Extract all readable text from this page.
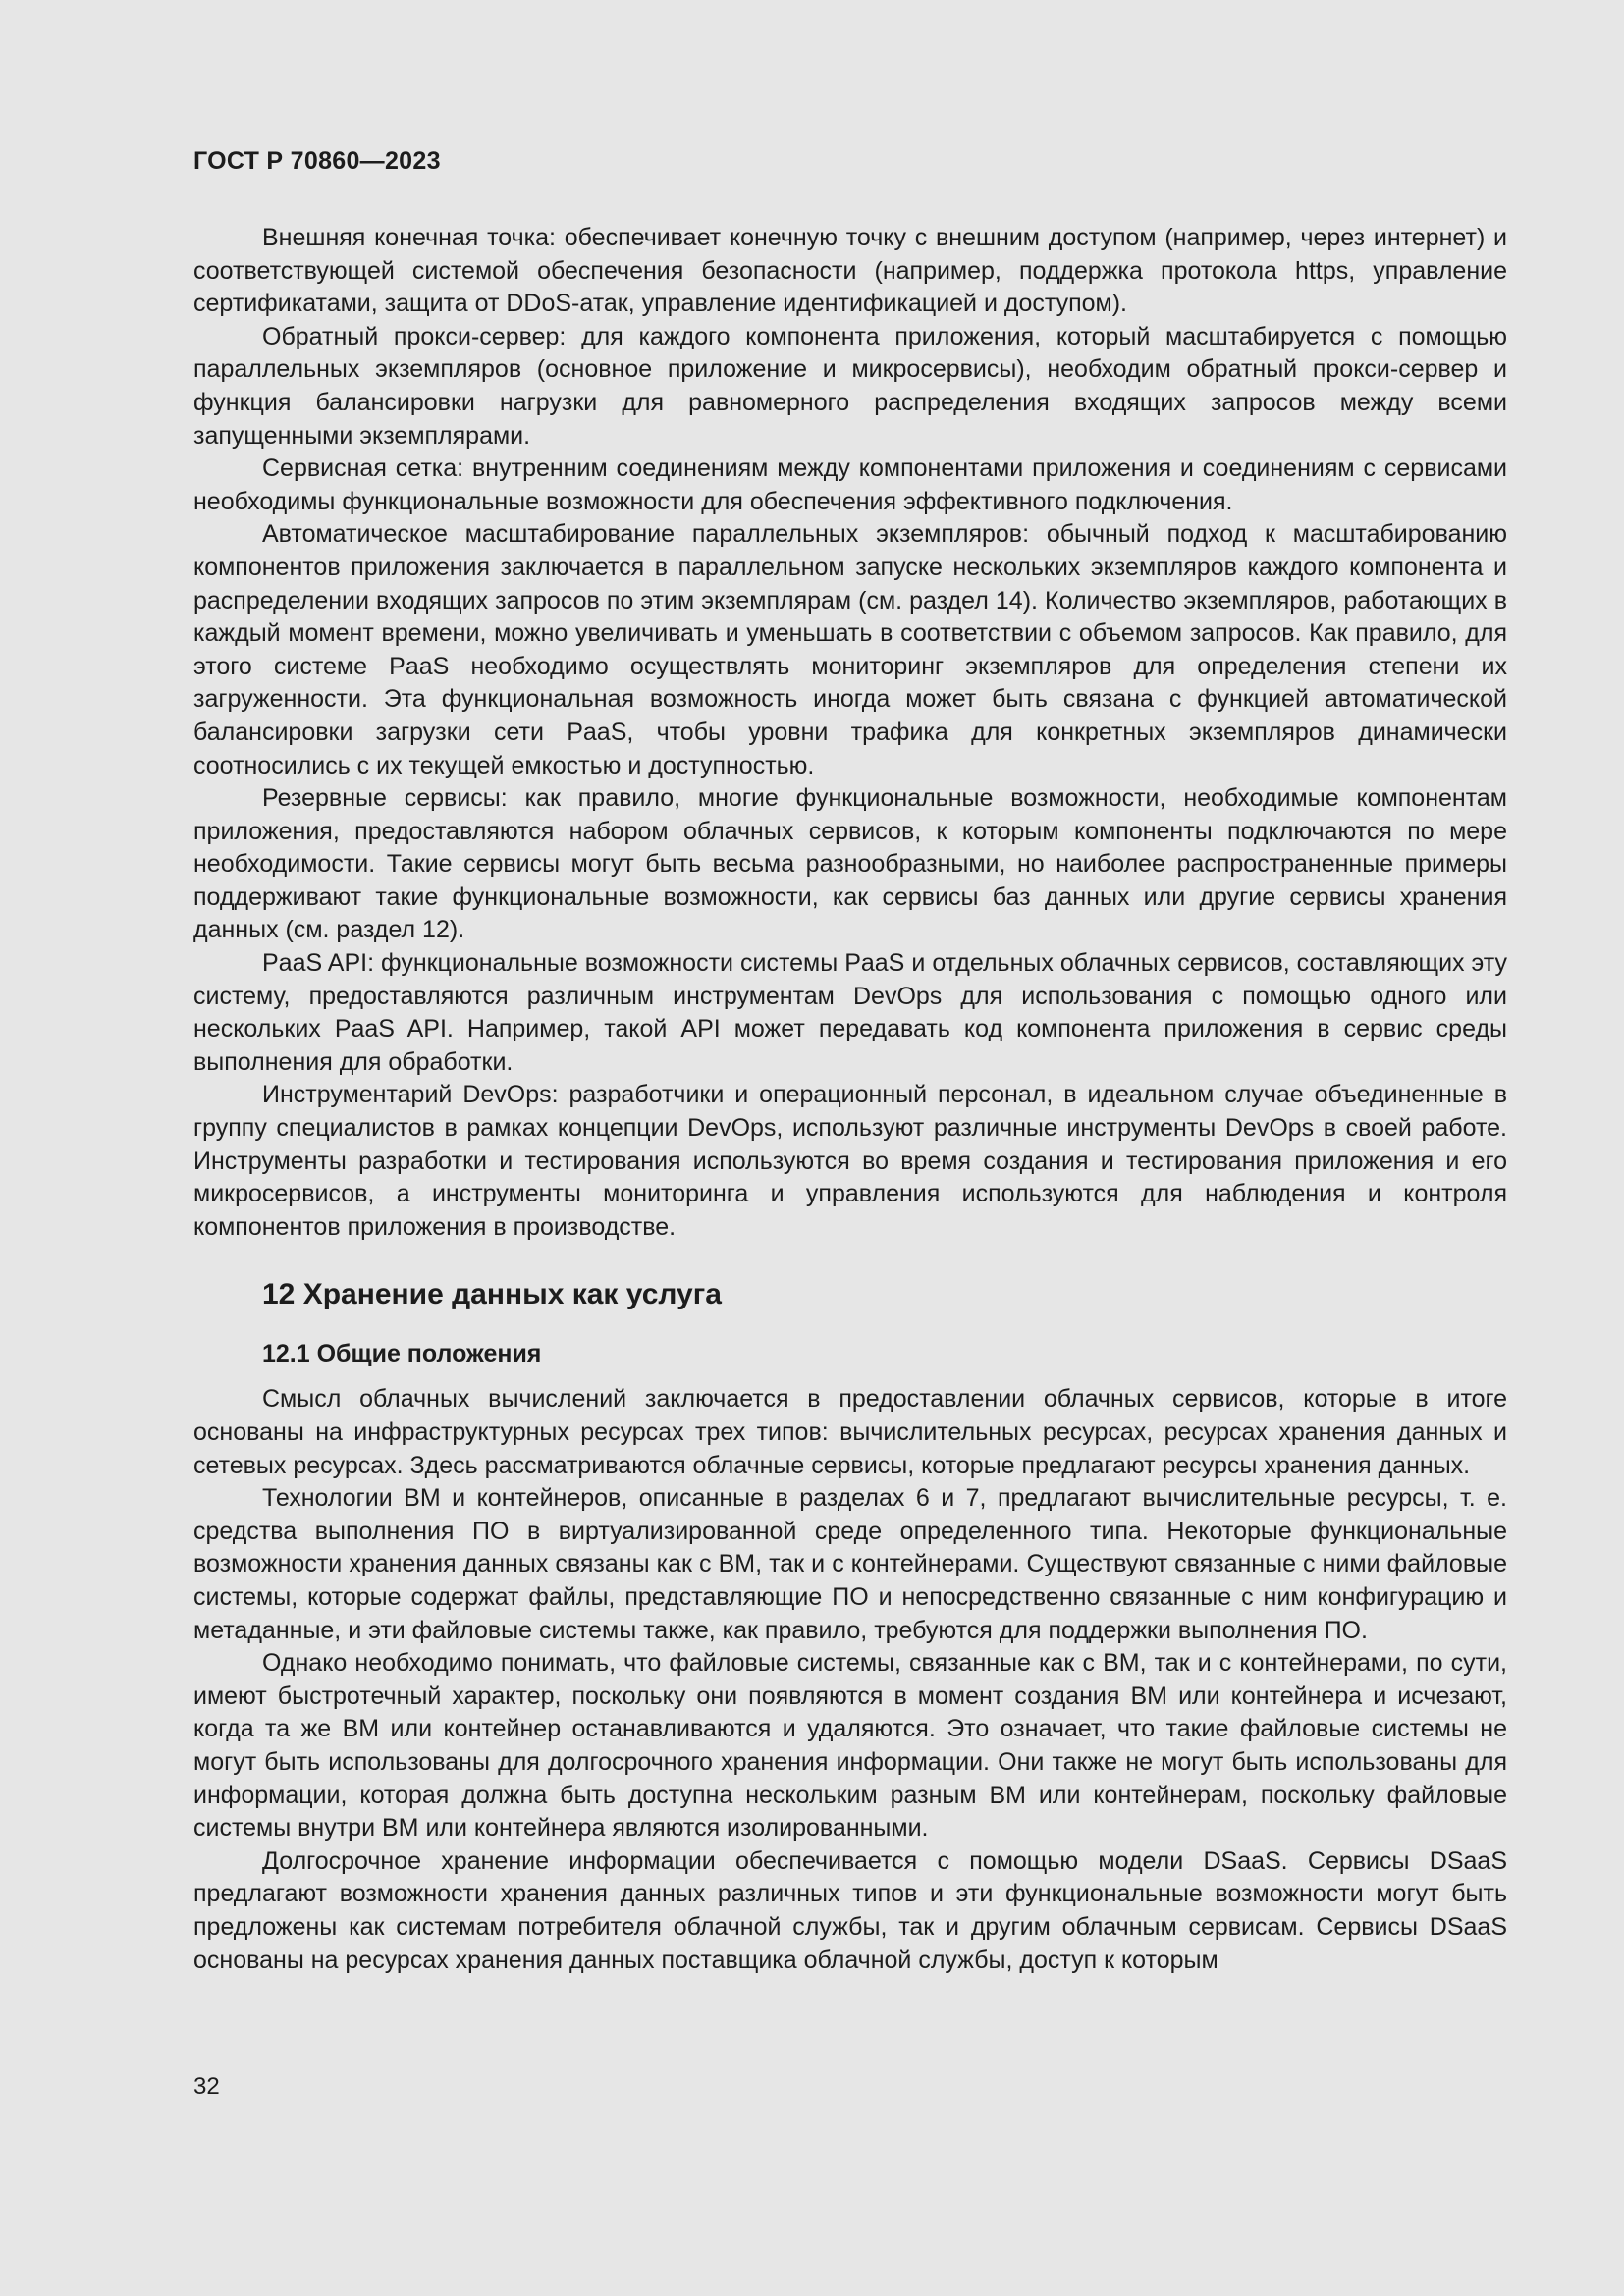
ГОСТ Р 70860—2023

Внешняя конечная точка: обеспечивает конечную точку с внешним доступом (например, через интернет) и соответствующей системой обеспечения безопасности (например, поддержка протокола https, управление сертификатами, защита от DDoS-атак, управление идентификацией и доступом).

Обратный прокси-сервер: для каждого компонента приложения, который масштабируется с помощью параллельных экземпляров (основное приложение и микросервисы), необходим обратный прокси-сервер и функция балансировки нагрузки для равномерного распределения входящих запросов между всеми запущенными экземплярами.

Сервисная сетка: внутренним соединениям между компонентами приложения и соединениям с сервисами необходимы функциональные возможности для обеспечения эффективного подключения.

Автоматическое масштабирование параллельных экземпляров: обычный подход к масштабированию компонентов приложения заключается в параллельном запуске нескольких экземпляров каждого компонента и распределении входящих запросов по этим экземплярам (см. раздел 14). Количество экземпляров, работающих в каждый момент времени, можно увеличивать и уменьшать в соответствии с объемом запросов. Как правило, для этого системе PaaS необходимо осуществлять мониторинг экземпляров для определения степени их загруженности. Эта функциональная возможность иногда может быть связана с функцией автоматической балансировки загрузки сети PaaS, чтобы уровни трафика для конкретных экземпляров динамически соотносились с их текущей емкостью и доступностью.

Резервные сервисы: как правило, многие функциональные возможности, необходимые компонентам приложения, предоставляются набором облачных сервисов, к которым компоненты подключаются по мере необходимости. Такие сервисы могут быть весьма разнообразными, но наиболее распространенные примеры поддерживают такие функциональные возможности, как сервисы баз данных или другие сервисы хранения данных (см. раздел 12).

PaaS API: функциональные возможности системы PaaS и отдельных облачных сервисов, составляющих эту систему, предоставляются различным инструментам DevOps для использования с помощью одного или нескольких PaaS API. Например, такой API может передавать код компонента приложения в сервис среды выполнения для обработки.

Инструментарий DevOps: разработчики и операционный персонал, в идеальном случае объединенные в группу специалистов в рамках концепции DevOps, используют различные инструменты DevOps в своей работе. Инструменты разработки и тестирования используются во время создания и тестирования приложения и его микросервисов, а инструменты мониторинга и управления используются для наблюдения и контроля компонентов приложения в производстве.

12 Хранение данных как услуга
12.1 Общие положения

Смысл облачных вычислений заключается в предоставлении облачных сервисов, которые в итоге основаны на инфраструктурных ресурсах трех типов: вычислительных ресурсах, ресурсах хранения данных и сетевых ресурсах. Здесь рассматриваются облачные сервисы, которые предлагают ресурсы хранения данных.

Технологии ВМ и контейнеров, описанные в разделах 6 и 7, предлагают вычислительные ресурсы, т. е. средства выполнения ПО в виртуализированной среде определенного типа. Некоторые функциональные возможности хранения данных связаны как с ВМ, так и с контейнерами. Существуют связанные с ними файловые системы, которые содержат файлы, представляющие ПО и непосредственно связанные с ним конфигурацию и метаданные, и эти файловые системы также, как правило, требуются для поддержки выполнения ПО.

Однако необходимо понимать, что файловые системы, связанные как с ВМ, так и с контейнерами, по сути, имеют быстротечный характер, поскольку они появляются в момент создания ВМ или контейнера и исчезают, когда та же ВМ или контейнер останавливаются и удаляются. Это означает, что такие файловые системы не могут быть использованы для долгосрочного хранения информации. Они также не могут быть использованы для информации, которая должна быть доступна нескольким разным ВМ или контейнерам, поскольку файловые системы внутри ВМ или контейнера являются изолированными.

Долгосрочное хранение информации обеспечивается с помощью модели DSaaS. Сервисы DSaaS предлагают возможности хранения данных различных типов и эти функциональные возможности могут быть предложены как системам потребителя облачной службы, так и другим облачным сервисам. Сервисы DSaaS основаны на ресурсах хранения данных поставщика облачной службы, доступ к которым

32
